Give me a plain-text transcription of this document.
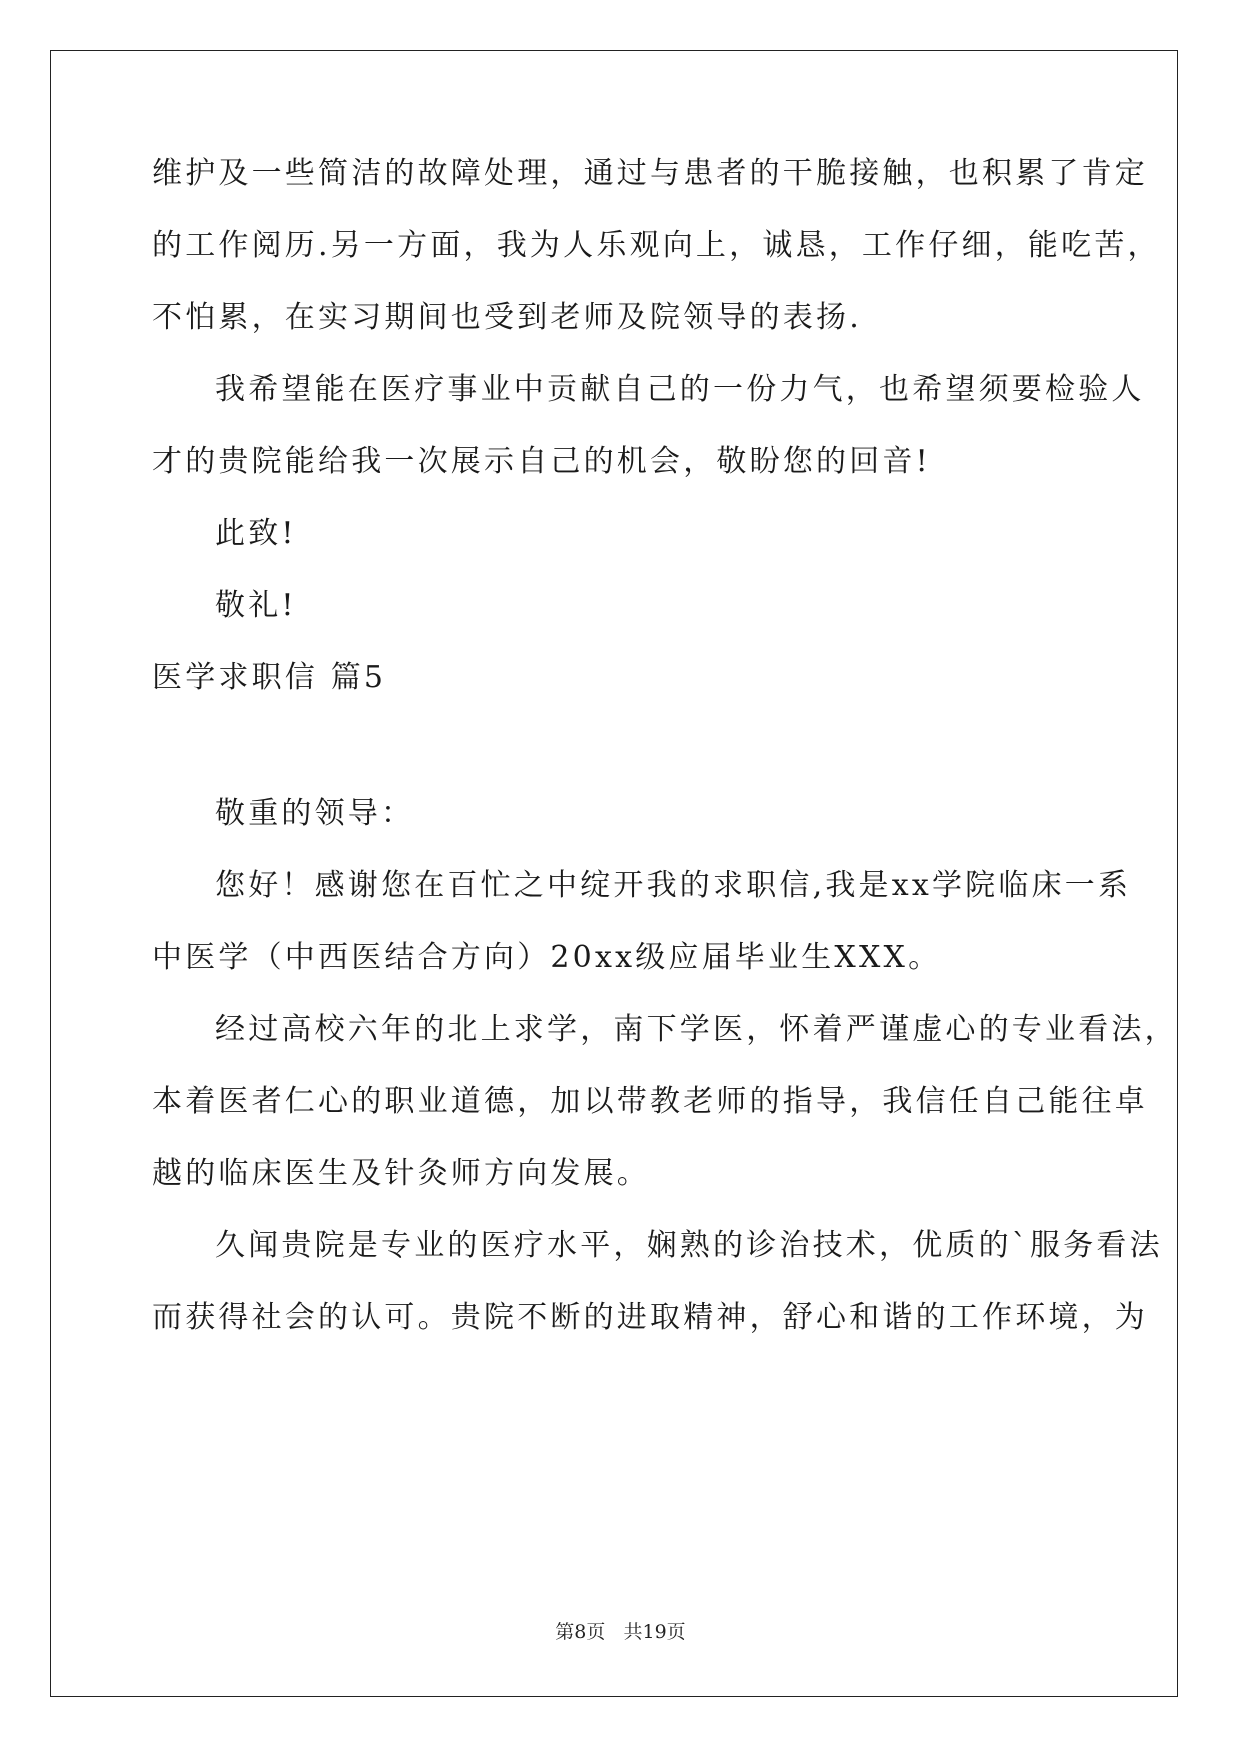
维护及一些简洁的故障处理，通过与患者的干脆接触，也积累了肯定
的工作阅历.另一方面，我为人乐观向上，诚恳，工作仔细，能吃苦，
不怕累，在实习期间也受到老师及院领导的表扬.
我希望能在医疗事业中贡献自己的一份力气，也希望须要检验人
才的贵院能给我一次展示自己的机会，敬盼您的回音!
此致!
敬礼!
医学求职信 篇5
敬重的领导：
您好！感谢您在百忙之中绽开我的求职信,我是xx学院临床一系
中医学（中西医结合方向）20xx级应届毕业生XXX。
经过高校六年的北上求学，南下学医，怀着严谨虚心的专业看法，
本着医者仁心的职业道德，加以带教老师的指导，我信任自己能往卓
越的临床医生及针灸师方向发展。
久闻贵院是专业的医疗水平，娴熟的诊治技术，优质的`服务看法
而获得社会的认可。贵院不断的进取精神，舒心和谐的工作环境，为
第8页   共19页
